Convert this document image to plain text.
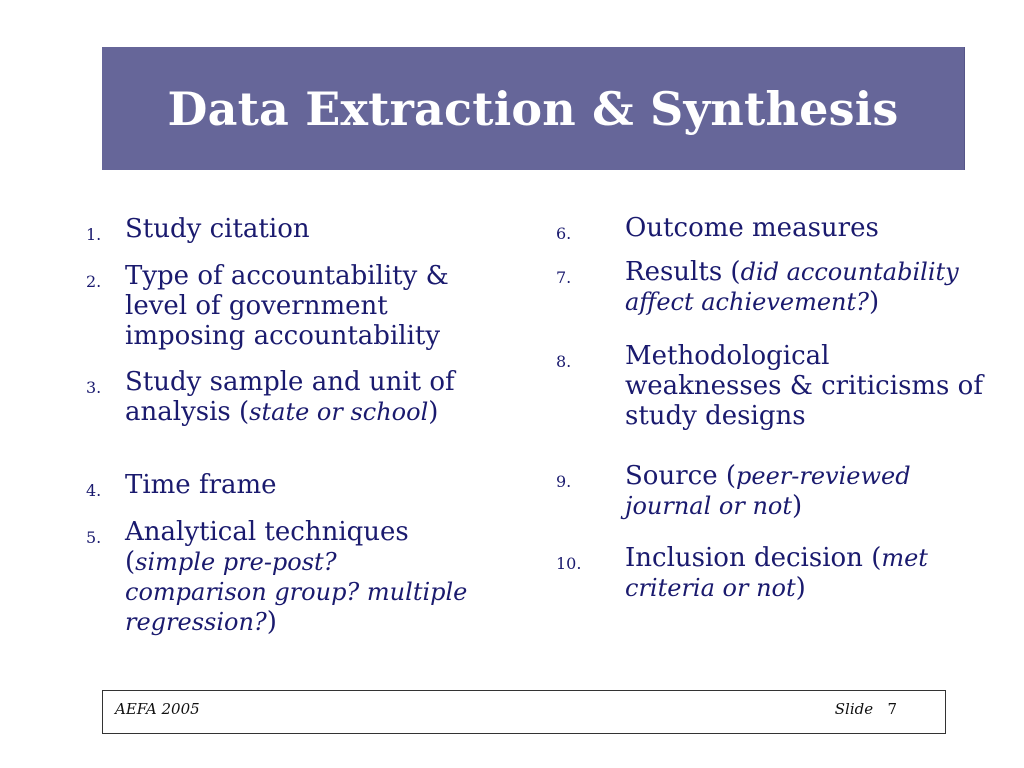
Data Extraction & Synthesis
1. Study citation
2. Type of accountability & level of government imposing accountability
3. Study sample and unit of analysis (state or school)
4. Time frame
5. Analytical techniques (simple pre-post? comparison group? multiple regression?)
6. Outcome measures
7. Results (did accountability affect achievement?)
8. Methodological weaknesses & criticisms of study designs
9. Source (peer-reviewed journal or not)
10. Inclusion decision (met criteria or not)
AEFA 2005	Slide 7
